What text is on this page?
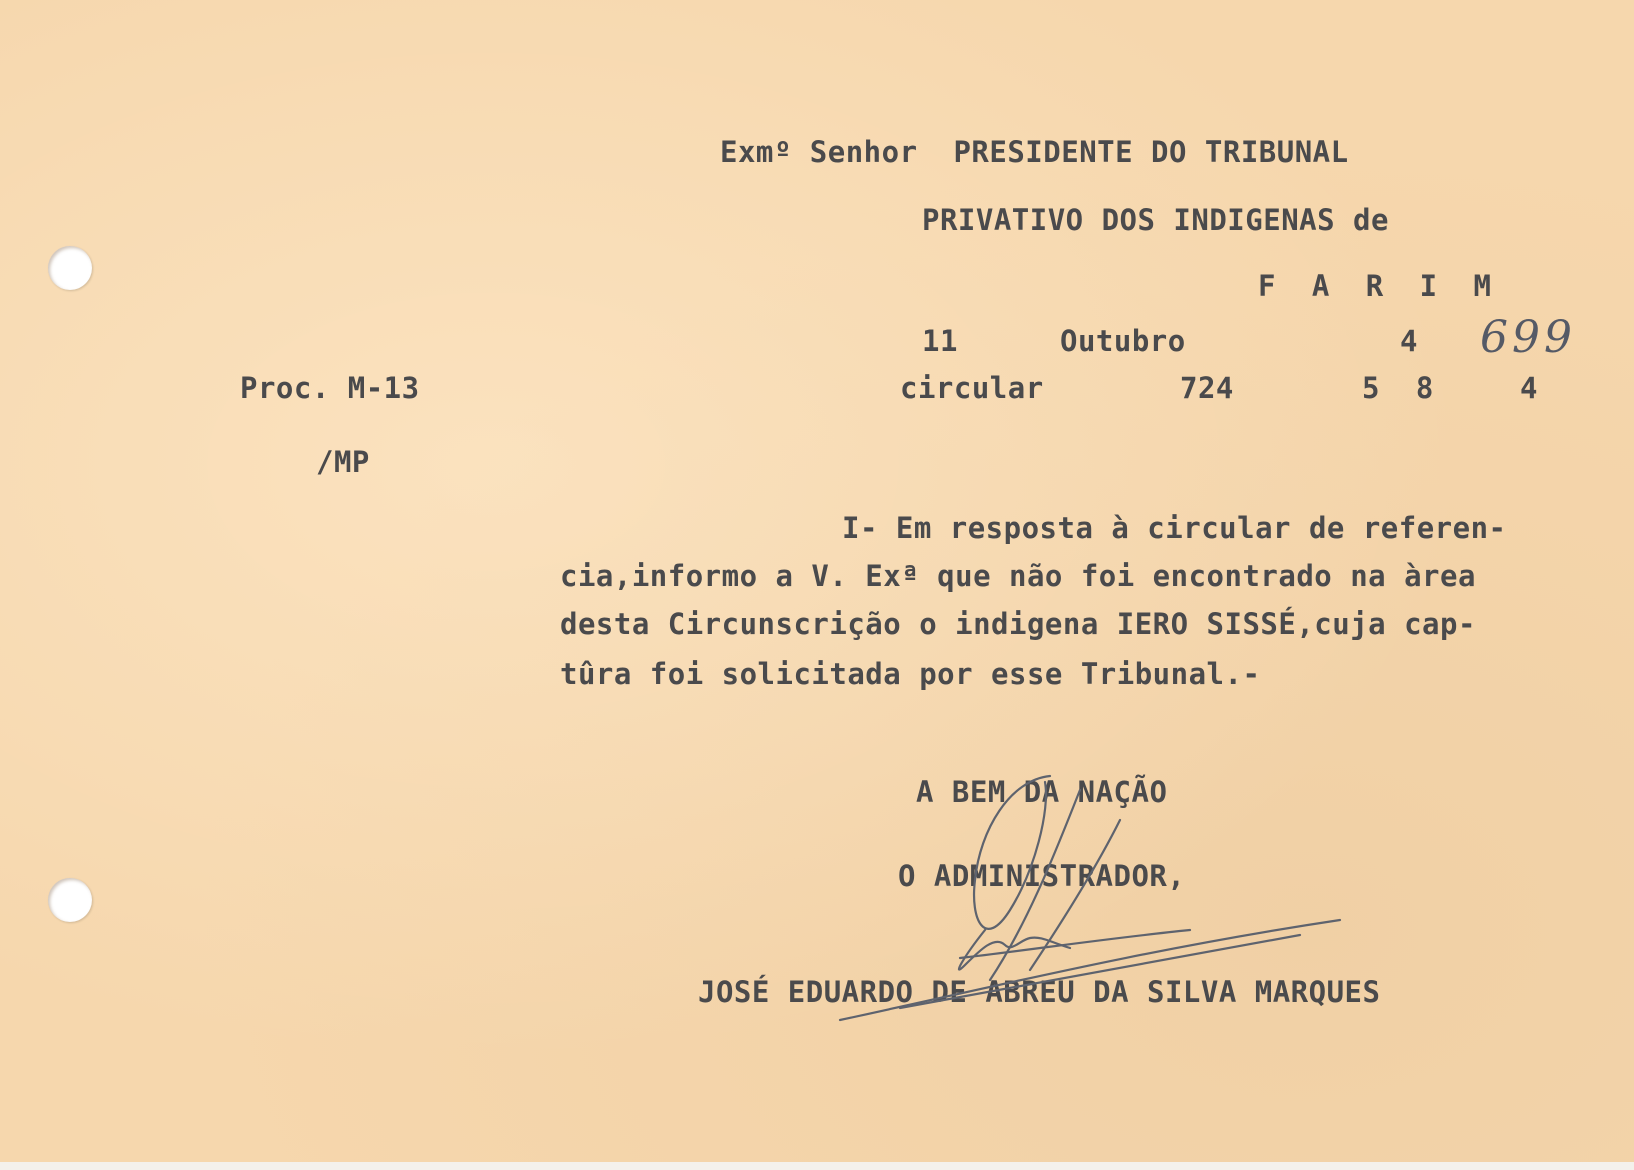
Exmº Senhor  PRESIDENTE DO TRIBUNAL
PRIVATIVO DOS INDIGENAS de
F  A  R  I  M
11	Outubro	4 699
Proc. M-13	circular	724	5  8	4
/MP
I- Em resposta à circular de referen-
cia,informo a V. Exª que não foi encontrado na àrea
desta Circunscrição o indigena IERO SISSÉ,cuja cap-
tûra foi solicitada por esse Tribunal.-
A BEM DA NAÇÃO
O ADMINISTRADOR,
JOSÉ EDUARDO DE ABREU DA SILVA MARQUES
